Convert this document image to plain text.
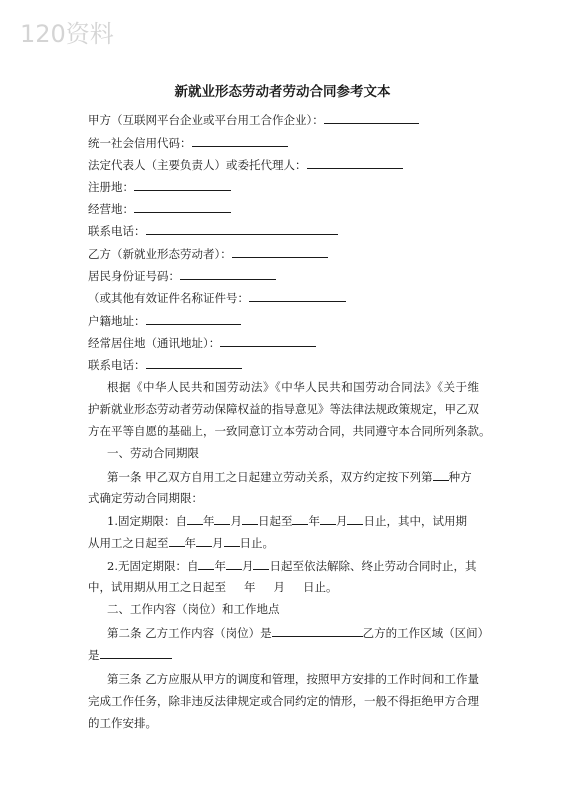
120资料
新就业形态劳动者劳动合同参考文本
甲方（互联网平台企业或平台用工合作企业）：
统一社会信用代码：
法定代表人（主要负责人）或委托代理人：
注册地：
经营地：
联系电话：
乙方（新就业形态劳动者）：
居民身份证号码：
（或其他有效证件名称证件号：
户籍地址：
经常居住地（通讯地址）：
联系电话：
根据《中华人民共和国劳动法》《中华人民共和国劳动合同法》《关于维
护新就业形态劳动者劳动保障权益的指导意见》等法律法规政策规定，甲乙双
方在平等自愿的基础上，一致同意订立本劳动合同，共同遵守本合同所列条款。
一、劳动合同期限
第一条 甲乙双方自用工之日起建立劳动关系，双方约定按下列第 种方
式确定劳动合同期限：
1.固定期限：自 年 月 日起至 年 月 日止，其中，试用期
从用工之日起至 年 月 日止。
2.无固定期限：自 年 月 日起至依法解除、终止劳动合同时止，其
中，试用期从用工之日起至 年 月 日止。
二、工作内容（岗位）和工作地点
第二条 乙方工作内容（岗位）是	乙方的工作区域（区间）
是
第三条 乙方应服从甲方的调度和管理，按照甲方安排的工作时间和工作量
完成工作任务，除非违反法律规定或合同约定的情形，一般不得拒绝甲方合理
的工作安排。
